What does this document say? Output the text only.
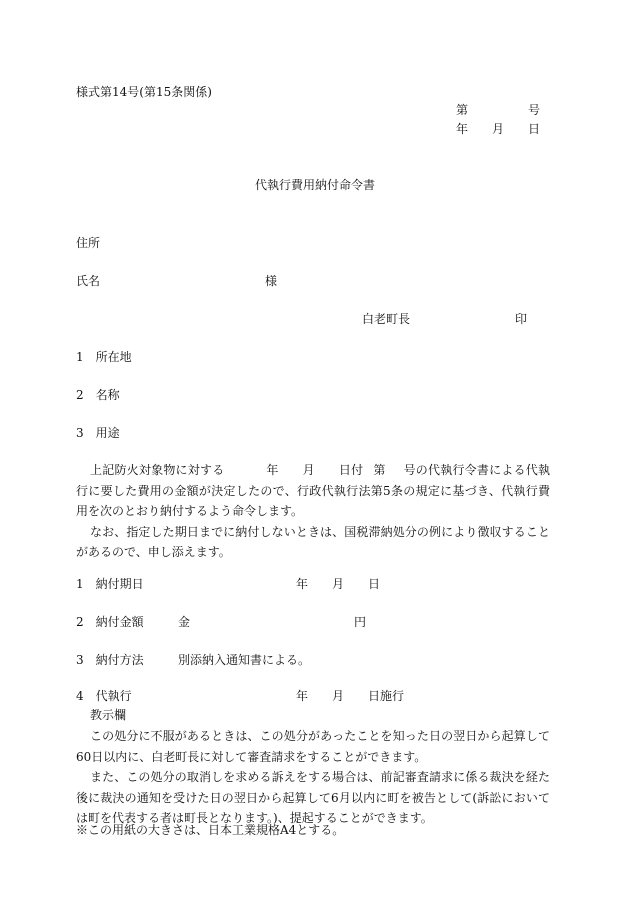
様式第14号(第15条関係)
第	号
年 月 日
代執行費用納付命令書
住所
氏名	様
白老町長	印
1　所在地
2　名称
3　用途

上記防火対象物に対する	年 月 日付 第 号の代執行令書による代執行に要した費用の金額が決定したので、行政代執行法第5条の規定に基づき、代執行費用を次のとおり納付するよう命令します。

なお、指定した期日までに納付しないときは、国税滞納処分の例により徴収することがあるので、申し添えます。

1　納付期日	年 月 日
2　納付金額	金	円
3　納付方法	別添納入通知書による。
4　代執行	年 月 日施行
教示欄

この処分に不服があるときは、この処分があったことを知った日の翌日から起算して60日以内に、白老町長に対して審査請求をすることができます。

また、この処分の取消しを求める訴えをする場合は、前記審査請求に係る裁決を経た後に裁決の通知を受けた日の翌日から起算して6月以内に町を被告として(訴訟においては町を代表する者は町長となります。)、提起することができます。

※この用紙の大きさは、日本工業規格A4とする。
